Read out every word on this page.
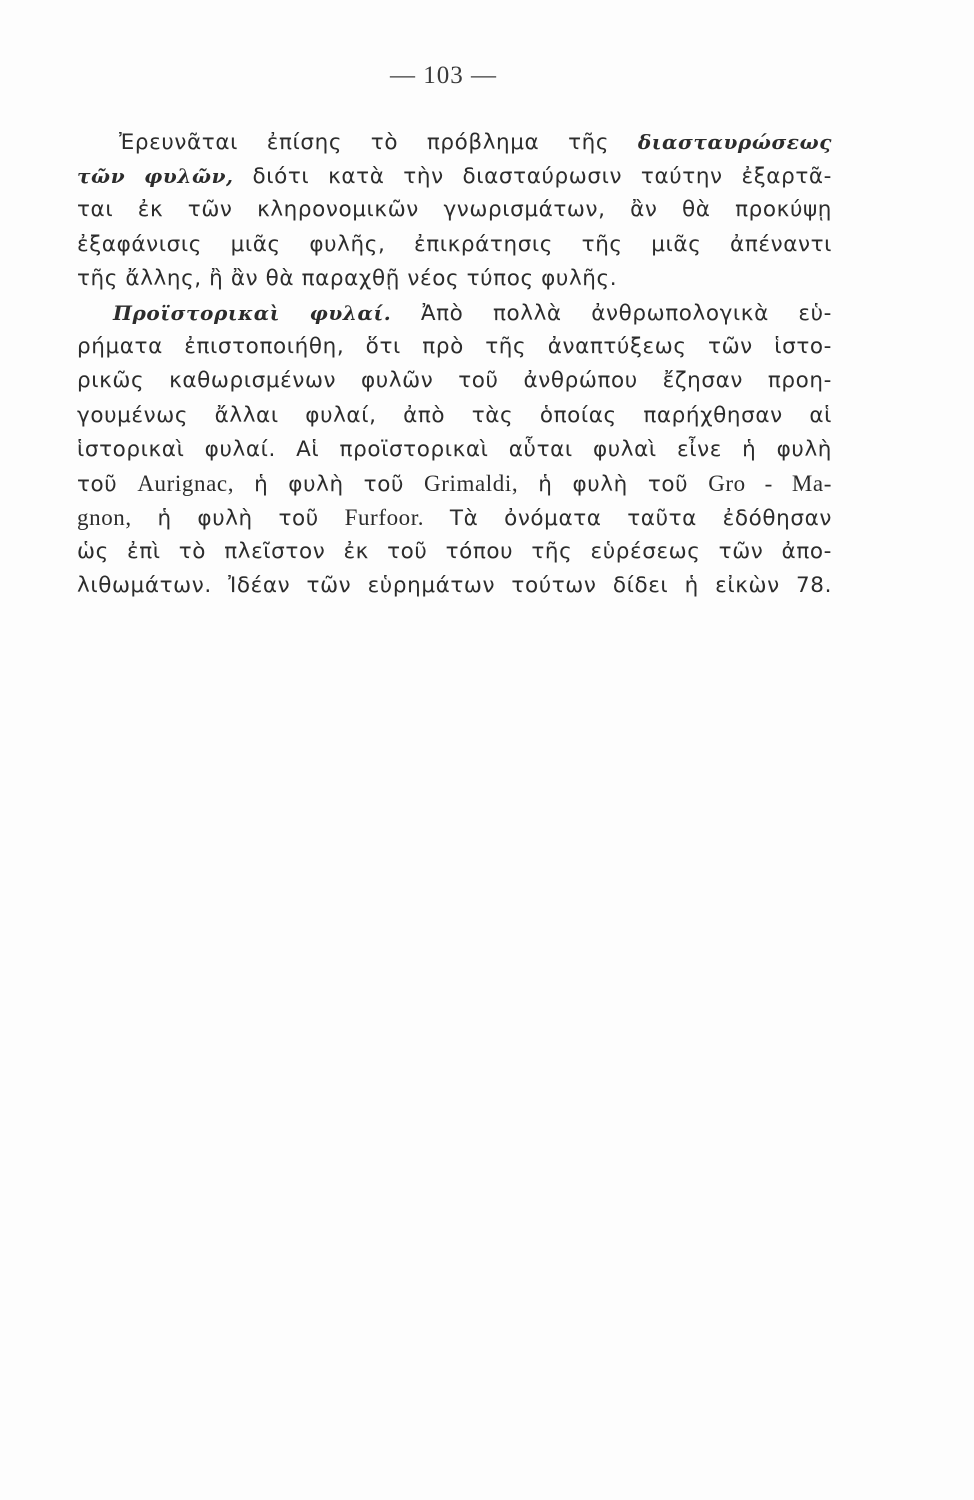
— 103 —
Ἐρευνᾶται ἐπίσης τὸ πρόβλημα τῆς διασταυρώσεως
τῶν φυλῶν, διότι κατὰ τὴν διασταύρωσιν ταύτην ἐξαρτᾶ-
ται ἐκ τῶν κληρονομικῶν γνωρισμάτων, ἂν θὰ προκύψῃ
ἐξαφάνισις μιᾶς φυλῆς, ἐπικράτησις τῆς μιᾶς ἀπέναντι
τῆς ἄλλης, ἢ ἂν θὰ παραχθῇ νέος τύπος φυλῆς.
Προϊστορικαὶ φυλαί. Ἀπὸ πολλὰ ἀνθρωπολογικὰ εὑ-
ρήματα ἐπιστοποιήθη, ὅτι πρὸ τῆς ἀναπτύξεως τῶν ἱστο-
ρικῶς καθωρισμένων φυλῶν τοῦ ἀνθρώπου ἔζησαν προη-
γουμένως ἄλλαι φυλαί, ἀπὸ τὰς ὁποίας παρήχθησαν αἱ
ἱστορικαὶ φυλαί. Αἱ προϊστορικαὶ αὗται φυλαὶ εἶνε ἡ φυλὴ
τοῦ Aurignac, ἡ φυλὴ τοῦ Grimaldi, ἡ φυλὴ τοῦ Gro - Ma-
gnon, ἡ φυλὴ τοῦ Furfoor. Τὰ ὀνόματα ταῦτα ἐδόθησαν
ὡς ἐπὶ τὸ πλεῖστον ἐκ τοῦ τόπου τῆς εὑρέσεως τῶν ἀπο-
λιθωμάτων. Ἰδέαν τῶν εὑρημάτων τούτων δίδει ἡ εἰκὼν 78.
